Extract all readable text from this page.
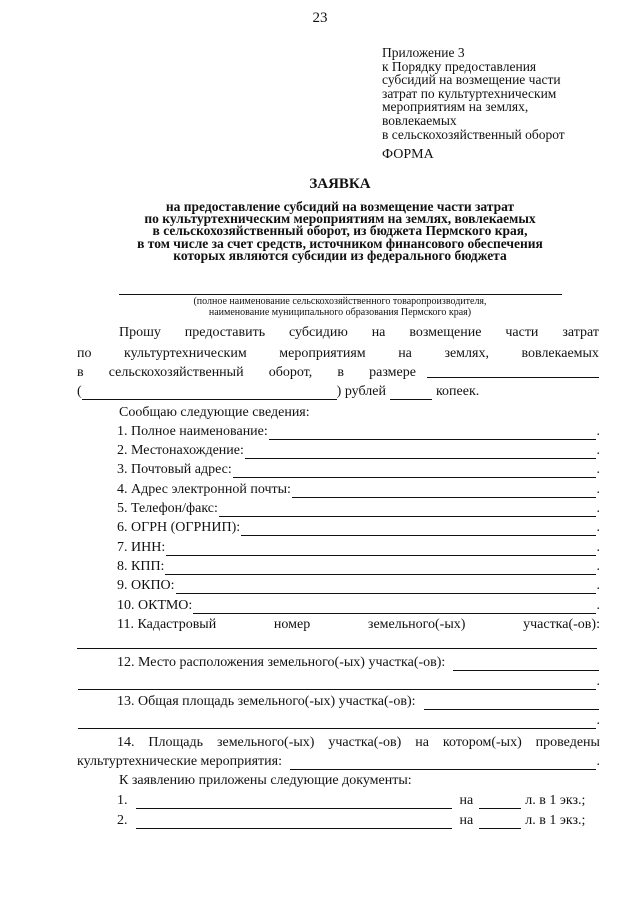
23
Приложение 3
к Порядку предоставления
субсидий на возмещение части
затрат по культуртехническим
мероприятиям на землях,
вовлекаемых
в сельскохозяйственный оборот
ФОРМА
ЗАЯВКА
на предоставление субсидий на возмещение части затрат
по культуртехническим мероприятиям на землях, вовлекаемых
в сельскохозяйственный оборот, из бюджета Пермского края,
в том числе за счет средств, источником финансового обеспечения
которых являются субсидии из федерального бюджета
(полное наименование сельскохозяйственного товаропроизводителя,
наименование муниципального образования Пермского края)
Прошу предоставить субсидию на возмещение части затрат
по культуртехническим мероприятиям на землях, вовлекаемых
в сельскохозяйственный оборот, в размере
(	) рублей	копеек.
Сообщаю следующие сведения:
1. Полное наименование:	.
2. Местонахождение:	.
3. Почтовый адрес:	.
4. Адрес электронной почты:	.
5. Телефон/факс:	.
6. ОГРН (ОГРНИП):	.
7. ИНН:	.
8. КПП:	.
9. ОКПО:	.
10. ОКТМО:	.
11. Кадастровый	номер	земельного(-ых)	участка(-ов):
12. Место расположения земельного(-ых) участка(-ов):
.
13. Общая площадь земельного(-ых) участка(-ов):
.
14. Площадь земельного(-ых) участка(-ов) на котором(-ых) проведены
культуртехнические мероприятия:	.
К заявлению приложены следующие документы:
1.	на	л. в 1 экз.;
2.	на	л. в 1 экз.;
